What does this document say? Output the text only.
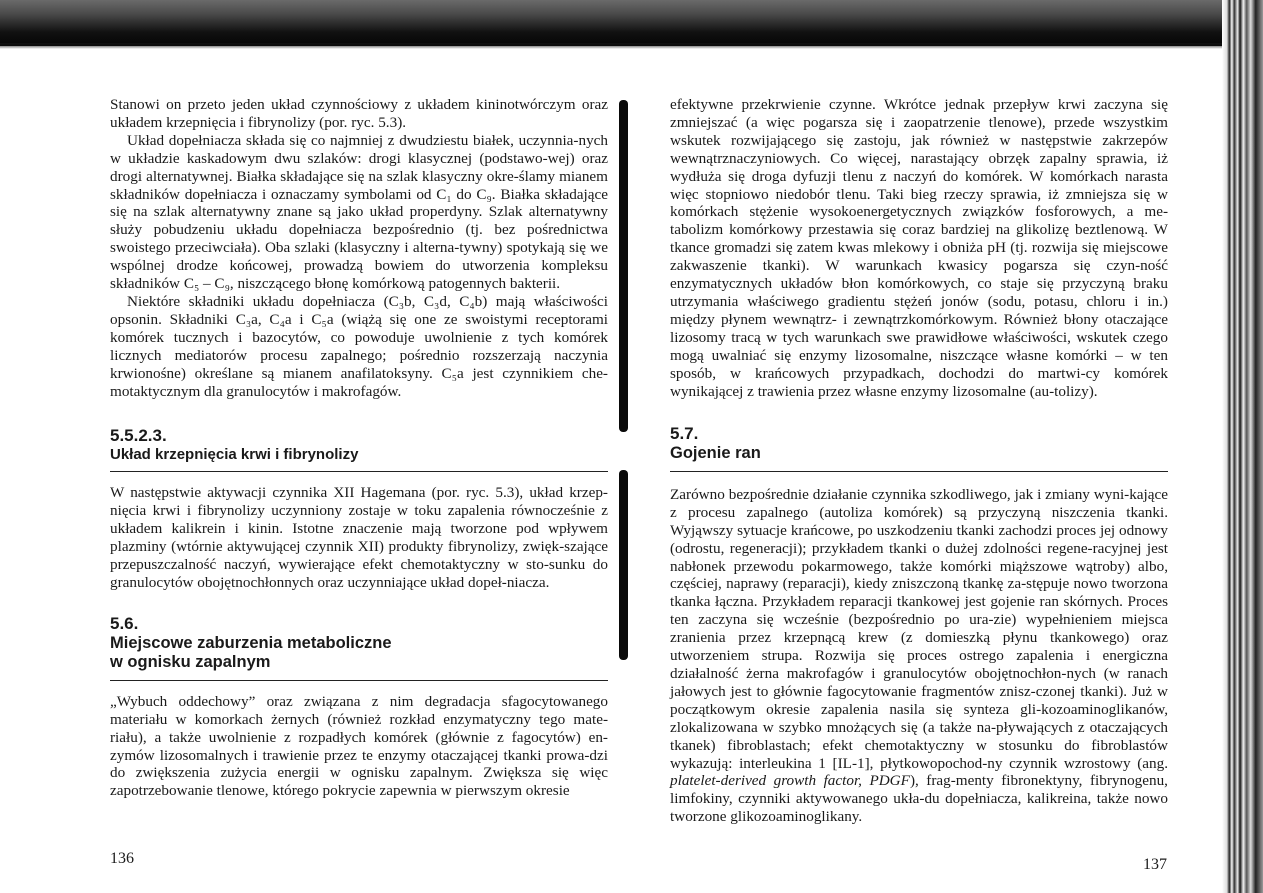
Stanowi on przeto jeden układ czynnościowy z układem kininotwórczym oraz układem krzepnięcia i fibrynolizy (por. ryc. 5.3).

Układ dopełniacza składa się co najmniej z dwudziestu białek, uczynnia-nych w układzie kaskadowym dwu szlaków: drogi klasycznej (podstawo-wej) oraz drogi alternatywnej. Białka składające się na szlak klasyczny okre-ślamy mianem składników dopełniacza i oznaczamy symbolami od C₁ do C₉. Białka składające się na szlak alternatywny znane są jako układ properdyny. Szlak alternatywny służy pobudzeniu układu dopełniacza bezpośrednio (tj. bez pośrednictwa swoistego przeciwciała). Oba szlaki (klasyczny i alterna-tywny) spotykają się we wspólnej drodze końcowej, prowadzą bowiem do utworzenia kompleksu składników C₅ – C₉, niszczącego błonę komórkową patogennych bakterii.

Niektóre składniki układu dopełniacza (C₃b, C₃d, C₄b) mają właściwości opsonin. Składniki C₃a, C₄a i C₅a (wiążą się one ze swoistymi receptorami komórek tucznych i bazocytów, co powoduje uwolnienie z tych komórek licznych mediatorów procesu zapalnego; pośrednio rozszerzają naczynia krwionośne) określane są mianem anafilatoksyny. C₅a jest czynnikiem che-motaktycznym dla granulocytów i makrofagów.

5.5.2.3.
Układ krzepnięcia krwi i fibrynolizy

W następstwie aktywacji czynnika XII Hagemana (por. ryc. 5.3), układ krzep-nięcia krwi i fibrynolizy uczynniony zostaje w toku zapalenia równocześnie z układem kalikrein i kinin. Istotne znaczenie mają tworzone pod wpływem plazminy (wtórnie aktywującej czynnik XII) produkty fibrynolizy, zwięk-szające przepuszczalność naczyń, wywierające efekt chemotaktyczny w sto-sunku do granulocytów obojętnochłonnych oraz uczynniające układ dopeł-niacza.

5.6.
Miejscowe zaburzenia metaboliczne
w ognisku zapalnym

„Wybuch oddechowy” oraz związana z nim degradacja sfagocytowanego materiału w komorkach żernych (również rozkład enzymatyczny tego mate-riału), a także uwolnienie z rozpadłych komórek (głównie z fagocytów) en-zymów lizosomalnych i trawienie przez te enzymy otaczającej tkanki prowa-dzi do zwiększenia zużycia energii w ognisku zapalnym. Zwiększa się więc zapotrzebowanie tlenowe, którego pokrycie zapewnia w pierwszym okresie

136

efektywne przekrwienie czynne. Wkrótce jednak przepływ krwi zaczyna się zmniejszać (a więc pogarsza się i zaopatrzenie tlenowe), przede wszystkim wskutek rozwijającego się zastoju, jak również w następstwie zakrzepów wewnątrznaczyniowych. Co więcej, narastający obrzęk zapalny sprawia, iż wydłuża się droga dyfuzji tlenu z naczyń do komórek. W komórkach narasta więc stopniowo niedobór tlenu. Taki bieg rzeczy sprawia, iż zmniejsza się w komórkach stężenie wysokoenergetycznych związków fosforowych, a me-tabolizm komórkowy przestawia się coraz bardziej na glikolizę beztlenową. W tkance gromadzi się zatem kwas mlekowy i obniża pH (tj. rozwija się miejscowe zakwaszenie tkanki). W warunkach kwasicy pogarsza się czyn-ność enzymatycznych układów błon komórkowych, co staje się przyczyną braku utrzymania właściwego gradientu stężeń jonów (sodu, potasu, chloru i in.) między płynem wewnątrz- i zewnątrzkomórkowym. Również błony otaczające lizosomy tracą w tych warunkach swe prawidłowe właściwości, wskutek czego mogą uwalniać się enzymy lizosomalne, niszczące własne komórki – w ten sposób, w krańcowych przypadkach, dochodzi do martwi-cy komórek wynikającej z trawienia przez własne enzymy lizosomalne (au-tolizy).

5.7.
Gojenie ran

Zarówno bezpośrednie działanie czynnika szkodliwego, jak i zmiany wyni-kające z procesu zapalnego (autoliza komórek) są przyczyną niszczenia tkanki. Wyjąwszy sytuacje krańcowe, po uszkodzeniu tkanki zachodzi proces jej odnowy (odrostu, regeneracji); przykładem tkanki o dużej zdolności regene-racyjnej jest nabłonek przewodu pokarmowego, także komórki miąższowe wątroby) albo, częściej, naprawy (reparacji), kiedy zniszczoną tkankę za-stępuje nowo tworzona tkanka łączna. Przykładem reparacji tkankowej jest gojenie ran skórnych. Proces ten zaczyna się wcześnie (bezpośrednio po ura-zie) wypełnieniem miejsca zranienia przez krzepnącą krew (z domieszką płynu tkankowego) oraz utworzeniem strupa. Rozwija się proces ostrego zapalenia i energiczna działalność żerna makrofagów i granulocytów obojętnochłon-nych (w ranach jałowych jest to głównie fagocytowanie fragmentów znisz-czonej tkanki). Już w początkowym okresie zapalenia nasila się synteza gli-kozoaminoglikanów, zlokalizowana w szybko mnożących się (a także na-pływających z otaczających tkanek) fibroblastach; efekt chemotaktyczny w stosunku do fibroblastów wykazują: interleukina 1 [IL-1], płytkowopochod-ny czynnik wzrostowy (ang. platelet-derived growth factor, PDGF), frag-menty fibronektyny, fibrynogenu, limfokiny, czynniki aktywowanego ukła-du dopełniacza, kalikreina, także nowo tworzone glikozoaminoglikany.

137
